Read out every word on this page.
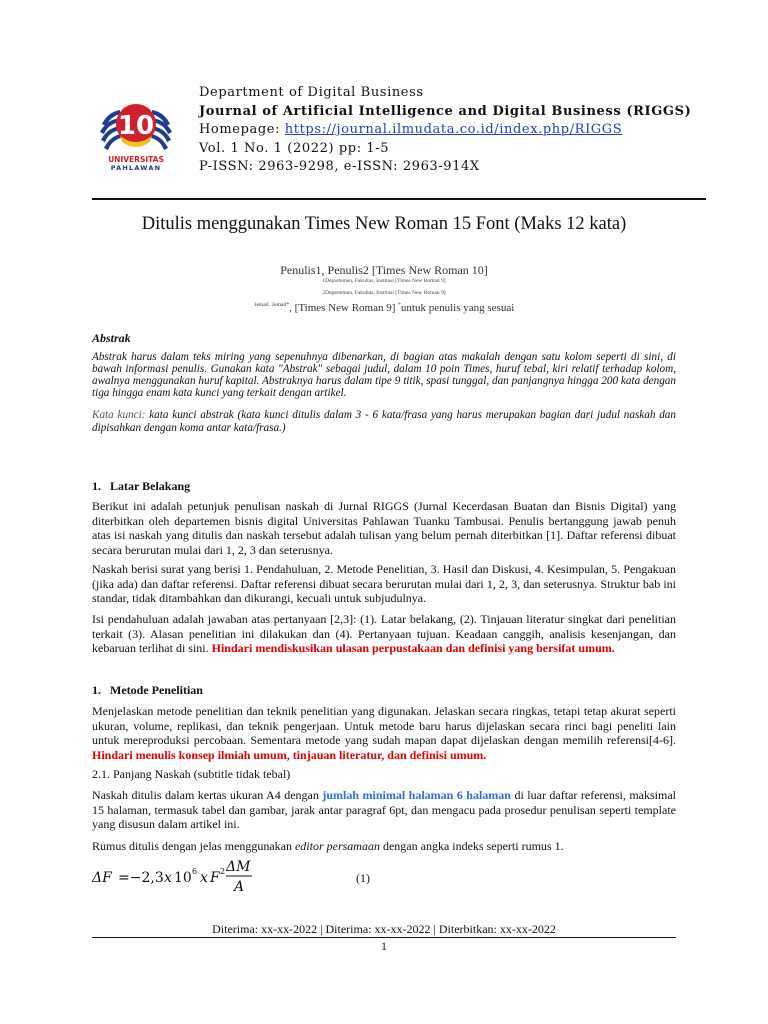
10
UNIVERSITAS
PAHLAWAN
Department of Digital Business
Journal of Artificial Intelligence and Digital Business (RIGGS)
Homepage: https://journal.ilmudata.co.id/index.php/RIGGS
Vol. 1 No. 1 (2022) pp: 1-5
P-ISSN: 2963-9298, e-ISSN: 2963-914X
Ditulis menggunakan Times New Roman 15 Font (Maks 12 kata)
Penulis1, Penulis2 [Times New Roman 10]
1Departemen, Fakultas, Institusi [Times New Roman 9]
2Departemen, Fakultas, Institusi [Times New Roman 9]
$^{1email, 2email*}$, [Times New Roman 9] *untuk penulis yang sesuai
Abstrak
Abstrak harus dalam teks miring yang sepenuhnya dibenarkan, di bagian atas makalah dengan satu kolom seperti di sini, di bawah informasi penulis. Gunakan kata "Abstrak" sebagai judul, dalam 10 poin Times, huruf tebal, kiri relatif terhadap kolom, awalnya menggunakan huruf kapital. Abstraknya harus dalam tipe 9 titik, spasi tunggal, dan panjangnya hingga 200 kata dengan tiga hingga enam kata kunci yang terkait dengan artikel.
Kata kunci: kata kunci abstrak (kata kunci ditulis dalam 3 - 6 kata/frasa yang harus merupakan bagian dari judul naskah dan dipisahkan dengan koma antar kata/frasa.)
1. Latar Belakang
Berikut ini adalah petunjuk penulisan naskah di Jurnal RIGGS (Jurnal Kecerdasan Buatan dan Bisnis Digital) yang diterbitkan oleh departemen bisnis digital Universitas Pahlawan Tuanku Tambusai. Penulis bertanggung jawab penuh atas isi naskah yang ditulis dan naskah tersebut adalah tulisan yang belum pernah diterbitkan [1]. Daftar referensi dibuat secara berurutan mulai dari 1, 2, 3 dan seterusnya.
Naskah berisi surat yang berisi 1. Pendahuluan, 2. Metode Penelitian, 3. Hasil dan Diskusi, 4. Kesimpulan, 5. Pengakuan (jika ada) dan daftar referensi. Daftar referensi dibuat secara berurutan mulai dari 1, 2, 3, dan seterusnya. Struktur bab ini standar, tidak ditambahkan dan dikurangi, kecuali untuk subjudulnya.
Isi pendahuluan adalah jawaban atas pertanyaan [2,3]: (1). Latar belakang, (2). Tinjauan literatur singkat dari penelitian terkait (3). Alasan penelitian ini dilakukan dan (4). Pertanyaan tujuan. Keadaan canggih, analisis kesenjangan, dan kebaruan terlihat di sini. Hindari mendiskusikan ulasan perpustakaan dan definisi yang bersifat umum.
1. Metode Penelitian
Menjelaskan metode penelitian dan teknik penelitian yang digunakan. Jelaskan secara ringkas, tetapi tetap akurat seperti ukuran, volume, replikasi, dan teknik pengerjaan. Untuk metode baru harus dijelaskan secara rinci bagi peneliti lain untuk mereproduksi percobaan. Sementara metode yang sudah mapan dapat dijelaskan dengan memilih referensi[4-6]. Hindari menulis konsep ilmiah umum, tinjauan literatur, dan definisi umum.
2.1. Panjang Naskah (subtitle tidak tebal)
Naskah ditulis dalam kertas ukuran A4 dengan jumlah minimal halaman 6 halaman di luar daftar referensi, maksimal 15 halaman, termasuk tabel dan gambar, jarak antar paragraf 6pt, dan mengacu pada prosedur penulisan seperti template yang disusun dalam artikel ini.
Rumus ditulis dengan jelas menggunakan editor persamaan dengan angka indeks seperti rumus 1.
ΔF =−2,3 x 10 6 x F 2 ΔM
A
(1)
Diterima: xx-xx-2022 | Diterima: xx-xx-2022 | Diterbitkan: xx-xx-2022
1
